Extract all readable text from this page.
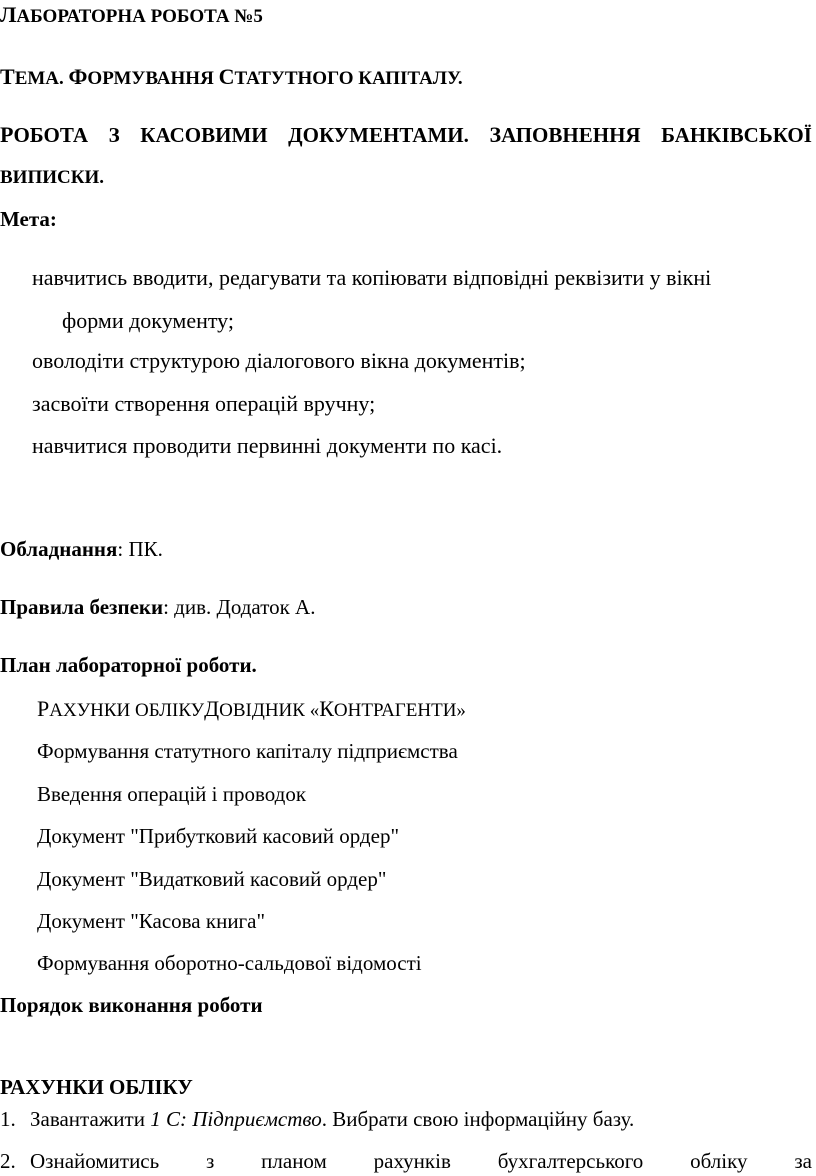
ЛАБОРАТОРНА РОБОТА №5
ТЕМА. ФОРМУВАННЯ СТАТУТНОГО КАПІТАЛУ.
РОБОТА З КАСОВИМИ ДОКУМЕНТАМИ. ЗАПОВНЕННЯ БАНКІВСЬКОЇ
ВИПИСКИ.
Мета:
навчитись вводити, редагувати та копіювати відповідні реквізити у вікні
форми документу;
оволодіти структурою діалогового вікна документів;
засвоїти створення операцій вручну;
навчитися проводити первинні документи по касі.
Обладнання: ПК.
Правила безпеки: див. Додаток А.
План лабораторної роботи.
РАХУНКИ ОБЛІКУДОВІДНИК «КОНТРАГЕНТИ»
Формування статутного капіталу підприємства
Введення операцій і проводок
Документ "Прибутковий касовий ордер"
Документ "Видатковий касовий ордер"
Документ "Касова книга"
Формування оборотно-сальдової відомості
Порядок виконання роботи
РАХУНКИ ОБЛІКУ
1. Завантажити 1 С: Підприємство. Вибрати свою інформаційну базу.
2. Ознайомитись з планом рахунків бухгалтерського обліку за
